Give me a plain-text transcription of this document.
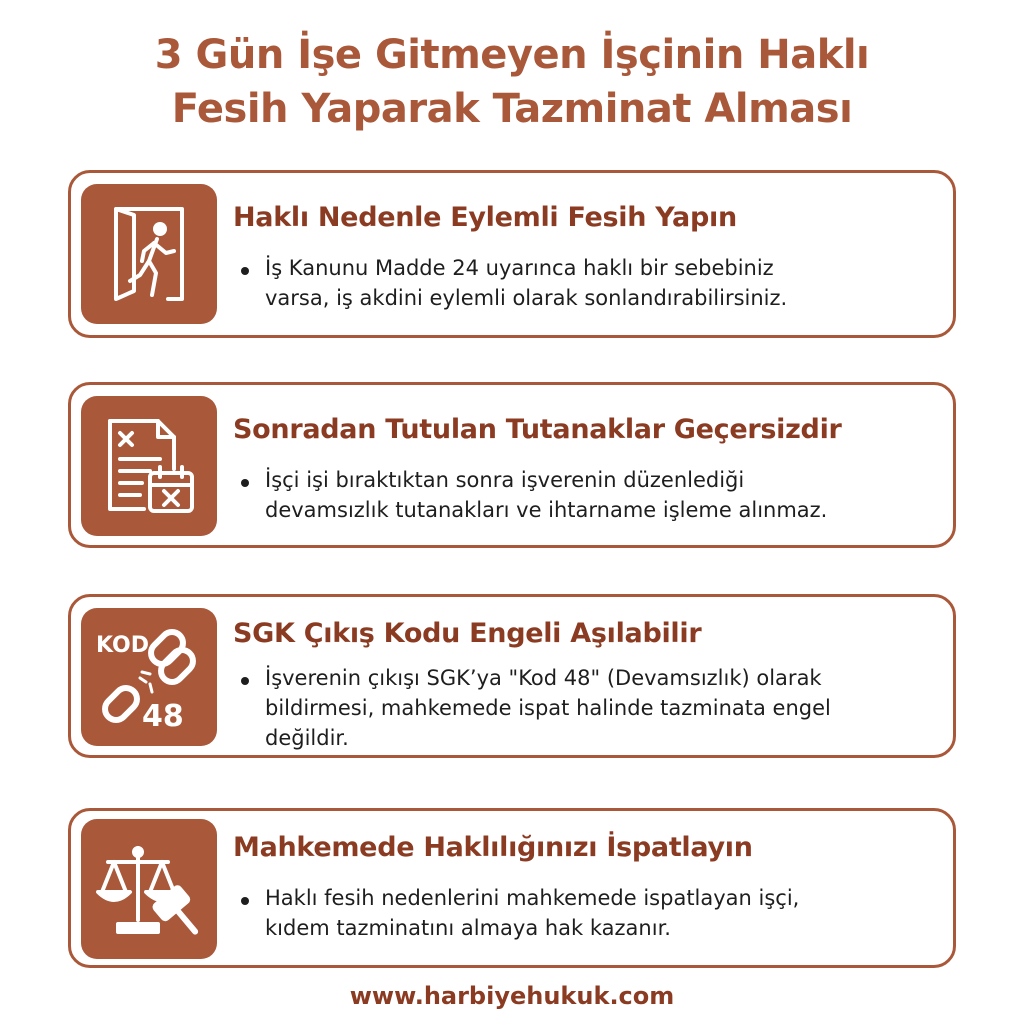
3 Gün İşe Gitmeyen İşçinin Haklı
Fesih Yaparak Tazminat Alması
Haklı Nedenle Eylemli Fesih Yapın
İş Kanunu Madde 24 uyarınca haklı bir sebebiniz
varsa, iş akdini eylemli olarak sonlandırabilirsiniz.
Sonradan Tutulan Tutanaklar Geçersizdir
İşçi işi bıraktıktan sonra işverenin düzenlediği
devamsızlık tutanakları ve ihtarname işleme alınmaz.
KOD
48
SGK Çıkış Kodu Engeli Aşılabilir
İşverenin çıkışı SGK’ya "Kod 48" (Devamsızlık) olarak
bildirmesi, mahkemede ispat halinde tazminata engel
değildir.
Mahkemede Haklılığınızı İspatlayın
Haklı fesih nedenlerini mahkemede ispatlayan işçi,
kıdem tazminatını almaya hak kazanır.
www.harbiyehukuk.com
